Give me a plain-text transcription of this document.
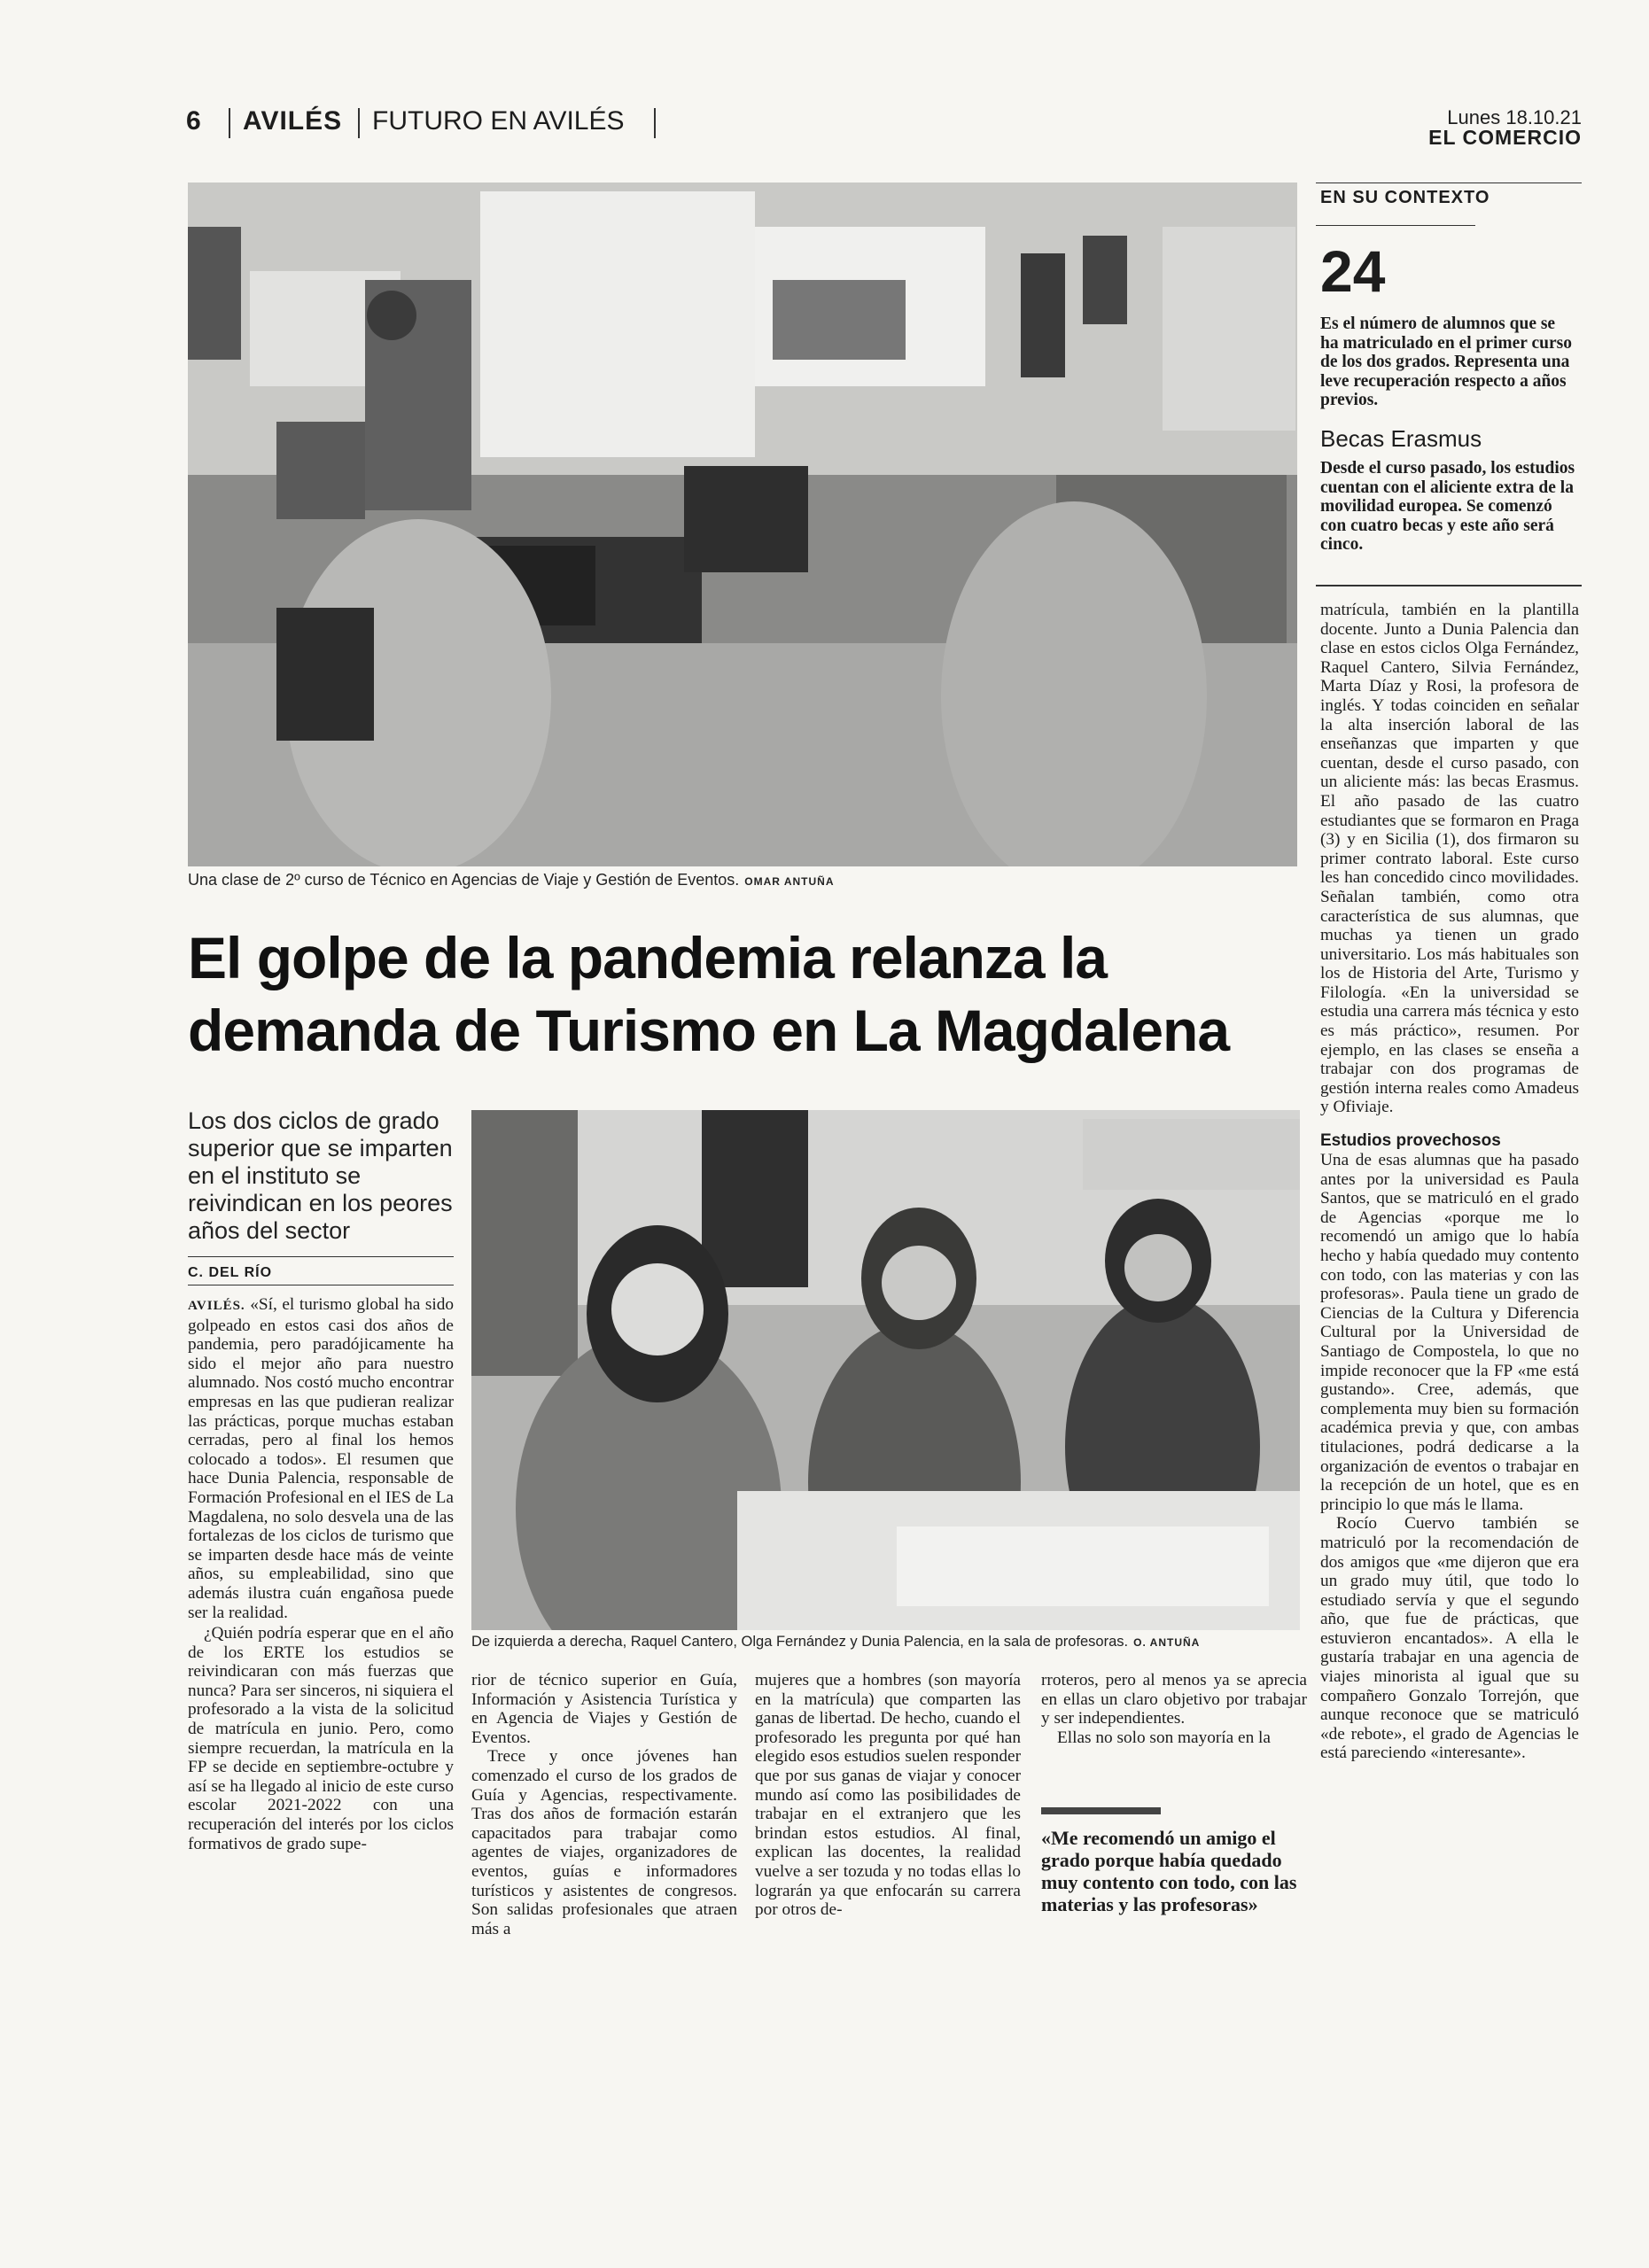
6 AVILÉS FUTURO EN AVILÉS	Lunes 18.10.21
EL COMERCIO
Una clase de 2º curso de Técnico en Agencias de Viaje y Gestión de Eventos. OMAR ANTUÑA
El golpe de la pandemia relanza la demanda de Turismo en La Magdalena
Los dos ciclos de grado superior que se imparten en el instituto se reivindican en los peores años del sector
C. DEL RÍO
De izquierda a derecha, Raquel Cantero, Olga Fernández y Dunia Palencia, en la sala de profesoras. O. ANTUÑA

AVILÉS. «Sí, el turismo global ha sido golpeado en estos casi dos años de pandemia, pero paradójicamente ha sido el mejor año para nuestro alumnado. Nos costó mucho encontrar empresas en las que pudieran realizar las prácticas, porque muchas estaban cerradas, pero al final los hemos colocado a todos». El resumen que hace Dunia Palencia, responsable de Formación Profesional en el IES de La Magdalena, no solo desvela una de las fortalezas de los ciclos de turismo que se imparten desde hace más de veinte años, su empleabilidad, sino que además ilustra cuán engañosa puede ser la realidad.

¿Quién podría esperar que en el año de los ERTE los estudios se reivindicaran con más fuerzas que nunca? Para ser sinceros, ni siquiera el profesorado a la vista de la solicitud de matrícula en junio. Pero, como siempre recuerdan, la matrícula en la FP se decide en septiembre-octubre y así se ha llegado al inicio de este curso escolar 2021-2022 con una recuperación del interés por los ciclos formativos de grado supe-

rior de técnico superior en Guía, Información y Asistencia Turística y en Agencia de Viajes y Gestión de Eventos.

Trece y once jóvenes han comenzado el curso de los grados de Guía y Agencias, respectivamente. Tras dos años de formación estarán capacitados para trabajar como agentes de viajes, organizadores de eventos, guías e informadores turísticos y asistentes de congresos. Son salidas profesionales que atraen más a

mujeres que a hombres (son mayoría en la matrícula) que comparten las ganas de libertad. De hecho, cuando el profesorado les pregunta por qué han elegido esos estudios suelen responder que por sus ganas de viajar y conocer mundo así como las posibilidades de trabajar en el extranjero que les brindan estos estudios. Al final, explican las docentes, la realidad vuelve a ser tozuda y no todas ellas lo lograrán ya que enfocarán su carrera por otros de-

rroteros, pero al menos ya se aprecia en ellas un claro objetivo por trabajar y ser independientes.

Ellas no solo son mayoría en la

«Me recomendó un amigo el grado porque había quedado muy contento con todo, con las materias y las profesoras»
EN SU CONTEXTO
24
Es el número de alumnos que se ha matriculado en el primer curso de los dos grados. Representa una leve recuperación respecto a años previos.
Becas Erasmus
Desde el curso pasado, los estudios cuentan con el aliciente extra de la movilidad europea. Se comenzó con cuatro becas y este año será cinco.

matrícula, también en la plantilla docente. Junto a Dunia Palencia dan clase en estos ciclos Olga Fernández, Raquel Cantero, Silvia Fernández, Marta Díaz y Rosi, la profesora de inglés. Y todas coinciden en señalar la alta inserción laboral de las enseñanzas que imparten y que cuentan, desde el curso pasado, con un aliciente más: las becas Erasmus. El año pasado de las cuatro estudiantes que se formaron en Praga (3) y en Sicilia (1), dos firmaron su primer contrato laboral. Este curso les han concedido cinco movilidades. Señalan también, como otra característica de sus alumnas, que muchas ya tienen un grado universitario. Los más habituales son los de Historia del Arte, Turismo y Filología. «En la universidad se estudia una carrera más técnica y esto es más práctico», resumen. Por ejemplo, en las clases se enseña a trabajar con dos programas de gestión interna reales como Amadeus y Ofiviaje.

Estudios provechosos

Una de esas alumnas que ha pasado antes por la universidad es Paula Santos, que se matriculó en el grado de Agencias «porque me lo recomendó un amigo que lo había hecho y había quedado muy contento con todo, con las materias y con las profesoras». Paula tiene un grado de Ciencias de la Cultura y Diferencia Cultural por la Universidad de Santiago de Compostela, lo que no impide reconocer que la FP «me está gustando». Cree, además, que complementa muy bien su formación académica previa y que, con ambas titulaciones, podrá dedicarse a la organización de eventos o trabajar en la recepción de un hotel, que es en principio lo que más le llama.

Rocío Cuervo también se matriculó por la recomendación de dos amigos que «me dijeron que era un grado muy útil, que todo lo estudiado servía y que el segundo año, que fue de prácticas, que estuvieron encantados». A ella le gustaría trabajar en una agencia de viajes minorista al igual que su compañero Gonzalo Torrejón, que aunque reconoce que se matriculó «de rebote», el grado de Agencias le está pareciendo «interesante».
